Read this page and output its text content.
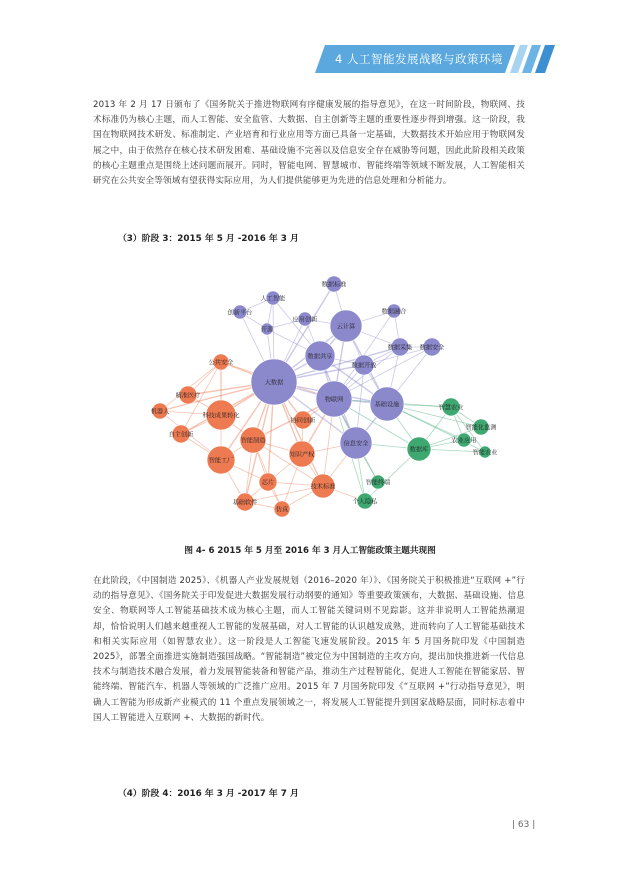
4 人工智能发展战略与政策环境

2013 年 2 月 17 日颁布了《国务院关于推进物联网有序健康发展的指导意见》，在这一时间阶段，物联网、技术标准仍为核心主题，而人工智能、安全监管、大数据、自主创新等主题的重要性逐步得到增强。这一阶段，我国在物联网技术研发、标准制定、产业培育和行业应用等方面已具备一定基础，大数据技术开始应用于物联网发展之中，由于依然存在核心技术研发困难、基础设施不完善以及信息安全存在威胁等问题，因此此阶段相关政策的核心主题重点是围绕上述问题而展开。同时，智能电网、智慧城市、智能终端等领域不断发展，人工智能相关研究在公共安全等领域有望获得实际应用，为人们提供能够更为先进的信息处理和分析能力。

（3）阶段 3：2015 年 5 月 -2016 年 3 月
数据标准
人工智能
创新平台
应用创新
数据融合
开源	云计算
数据采集 数据安全
数据共享
数据开放
公共安全
大数据
物联网
基础设施
精准医疗
智慧农业
机器人
科技成果转化
协同创新
智能化监测
自主创新
智能制造	信息安全	农业应用
数据库
知识产权	智能农业
智能工厂
芯片
技术标准
智能终端
个人隐私
基础软件
仿真
图 4- 6 2015 年 5 月至 2016 年 3 月人工智能政策主题共现图

在此阶段，《中国制造 2025》、《机器人产业发展规划（2016–2020 年）》、《国务院关于积极推进“互联网 +”行动的指导意见》、《国务院关于印发促进大数据发展行动纲要的通知》等重要政策颁布，大数据、基础设施、信息安全、物联网等人工智能基础技术成为核心主题，而人工智能关键词则不见踪影。这并非说明人工智能热潮退却，恰恰说明人们越来越重视人工智能的发展基础，对人工智能的认识越发成熟，进而转向了人工智能基础技术和相关实际应用（如智慧农业）。这一阶段是人工智能飞速发展阶段。2015 年 5 月国务院印发《中国制造 2025》，部署全面推进实施制造强国战略。“智能制造”被定位为中国制造的主攻方向，提出加快推进新一代信息技术与制造技术融合发展，着力发展智能装备和智能产品，推动生产过程智能化，促进人工智能在智能家居、智能终端、智能汽车、机器人等领域的广泛推广应用。2015 年 7 月国务院印发《“互联网 +”行动指导意见》，明确人工智能为形成新产业模式的 11 个重点发展领域之一，将发展人工智能提升到国家战略层面，同时标志着中国人工智能进入互联网 +、大数据的新时代。

（4）阶段 4：2016 年 3 月 -2017 年 7 月
| 63 |
